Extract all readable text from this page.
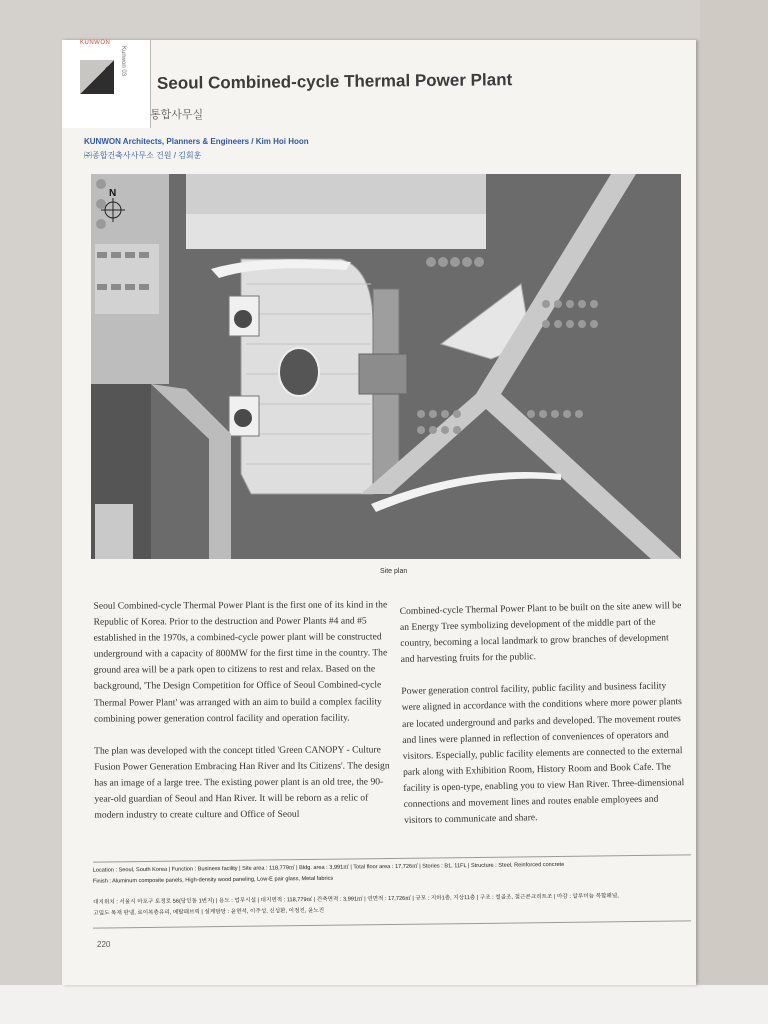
KUNWON
Kunwon 03
Seoul Combined-cycle Thermal Power Plant
통합사무실
KUNWON Architects, Planners & Engineers / Kim Hoi Hoon
㈜종합건축사사무소 건원 / 김회훈
N
Site plan

Seoul Combined-cycle Thermal Power Plant is the first one of its kind in the Republic of Korea. Prior to the destruction and Power Plants #4 and #5 established in the 1970s, a combined-cycle power plant will be constructed underground with a capacity of 800MW for the first time in the country. The ground area will be a park open to citizens to rest and relax. Based on the background, 'The Design Competition for Office of Seoul Combined-cycle Thermal Power Plant' was arranged with an aim to build a complex facility combining power generation control facility and operation facility.

The plan was developed with the concept titled 'Green CANOPY - Culture Fusion Power Generation Embracing Han River and Its Citizens'. The design has an image of a large tree. The existing power plant is an old tree, the 90-year-old guardian of Seoul and Han River. It will be reborn as a relic of modern industry to create culture and Office of Seoul

Combined-cycle Thermal Power Plant to be built on the site anew will be an Energy Tree symbolizing development of the middle part of the country, becoming a local landmark to grow branches of development and harvesting fruits for the public.

Power generation control facility, public facility and business facility were aligned in accordance with the conditions where more power plants are located underground and parks and developed. The movement routes and lines were planned in reflection of conveniences of operators and visitors. Especially, public facility elements are connected to the external park along with Exhibition Room, History Room and Book Cafe. The facility is open-type, enabling you to view Han River. Three-dimensional connections and movement lines and routes enable employees and visitors to communicate and share.

Location : Seoul, South Korea | Function : Business facility | Site area : 118,779㎡ | Bldg. area : 3,991㎡ | Total floor area : 17,726㎡ | Stories : B1, 11FL | Structure : Steel, Reinforced concrete
Finish : Aluminum composite panels, High-density wood paneling, Low-E pair glass, Metal fabrics
대지위치 : 서울시 마포구 토정로 56(당인동 1번지) | 용도 : 업무시설 | 대지면적 : 118,779㎡ | 건축면적 : 3,991㎡ | 연면적 : 17,726㎡ | 규모 : 지하1층, 지상11층 | 구조 : 철골조, 철근콘크리트조 | 마감 : 알루미늄 복합패널,
고밀도 목재 판넬, 로이복층유리, 메탈패브릭 | 설계담당 : 윤현석, 이주성, 신성환, 이정진, 윤노진
220
